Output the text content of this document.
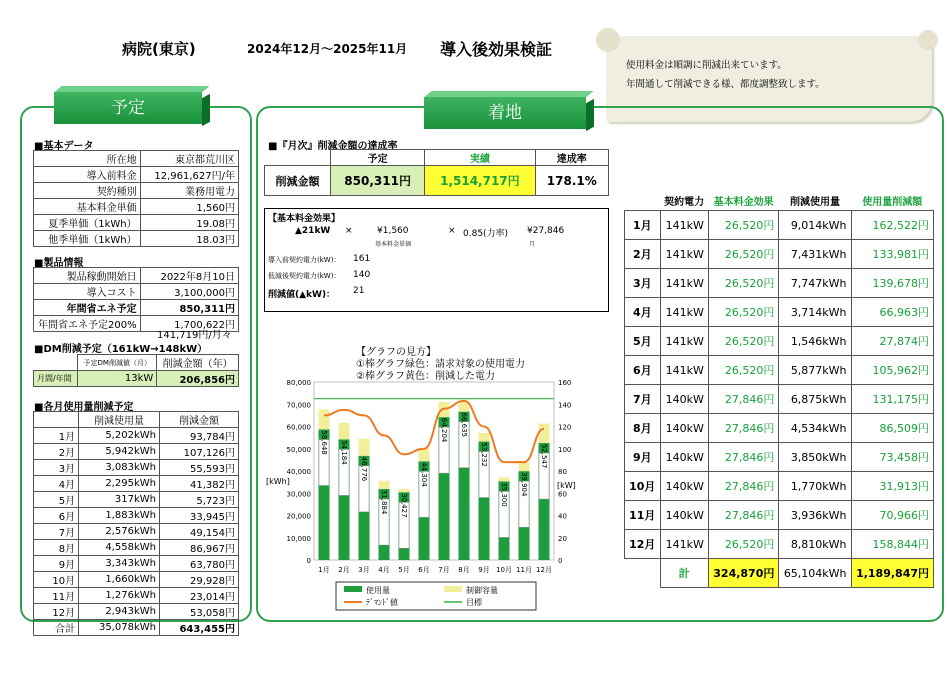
病院(東京)	2024年12月～2025年11月 導入後効果検証
使用料金は順調に削減出来ています。
年間通して削減できる様、都度調整致します。
予定	着地
■基本データ
所在地	東京都荒川区
導入前料金	12,961,627円/年
契約種別	業務用電力
基本料金単価	1,560円
夏季単価（1kWh）	19.08円
他季単価（1kWh）	18.03円
■製品情報
製品稼動開始日	2022年8月10日
導入コスト	3,100,000円
年間省エネ予定	850,311円
年間省エネ予定200%	1,700,622円
141,719円/月々
■DM削減予定（161kW→148kW）
	予定DM削減値（月）	削減金額（年）
月間/年間	13kW	206,856円
■各月使用量削減予定
	削減使用量	削減金額
1月	5,202kWh	93,784円
2月	5,942kWh	107,126円
3月	3,083kWh	55,593円
4月	2,295kWh	41,382円
5月	317kWh	5,723円
6月	1,883kWh	33,945円
7月	2,576kWh	49,154円
8月	4,558kWh	86,967円
9月	3,343kWh	63,780円
10月	1,660kWh	29,928円
11月	1,276kWh	23,014円
12月	2,943kWh	53,058円
合計	35,078kWh	643,455円
■『月次』削減金額の達成率
	予定	実績	達成率
削減金額	850,311円	1,514,717円	178.1%
【基本料金効果】
▲21kW ×	¥1,560
基本料金単価
× 0.85(力率) ¥27,846
月
導入前契約電力(kW)： 161
低減後契約電力(kW)： 140
削減値(▲kW)： 21
【グラフの見方】
①棒グラフ緑色：請求対象の使用電力
②棒グラフ黄色：削減した電力
0
10,000
20,000
30,000
40,000
50,000
60,000
70,000
80,000
0
20
40
60
80
100
120
140
160
[kWh]	[kW]
58,648
1月
54,184
2月
46,776
3月
31,884
4月
30,427
5月
44,304
6月
64,204
7月
66,635
8月
53,232
9月
35,300
10月
39,904
11月
52,547
12月
使用量	制御容量
ﾃﾞﾏﾝﾄﾞ値	目標
	契約電力	基本料金効果	削減使用量	使用量削減額
1月	141kW	26,520円	9,014kWh	162,522円
2月	141kW	26,520円	7,431kWh	133,981円
3月	141kW	26,520円	7,747kWh	139,678円
4月	141kW	26,520円	3,714kWh	66,963円
5月	141kW	26,520円	1,546kWh	27,874円
6月	141kW	26,520円	5,877kWh	105,962円
7月	140kW	27,846円	6,875kWh	131,175円
8月	140kW	27,846円	4,534kWh	86,509円
9月	140kW	27,846円	3,850kWh	73,458円
10月	140kW	27,846円	1,770kWh	31,913円
11月	140kW	27,846円	3,936kWh	70,966円
12月	141kW	26,520円	8,810kWh	158,844円
	計	324,870円	65,104kWh	1,189,847円
